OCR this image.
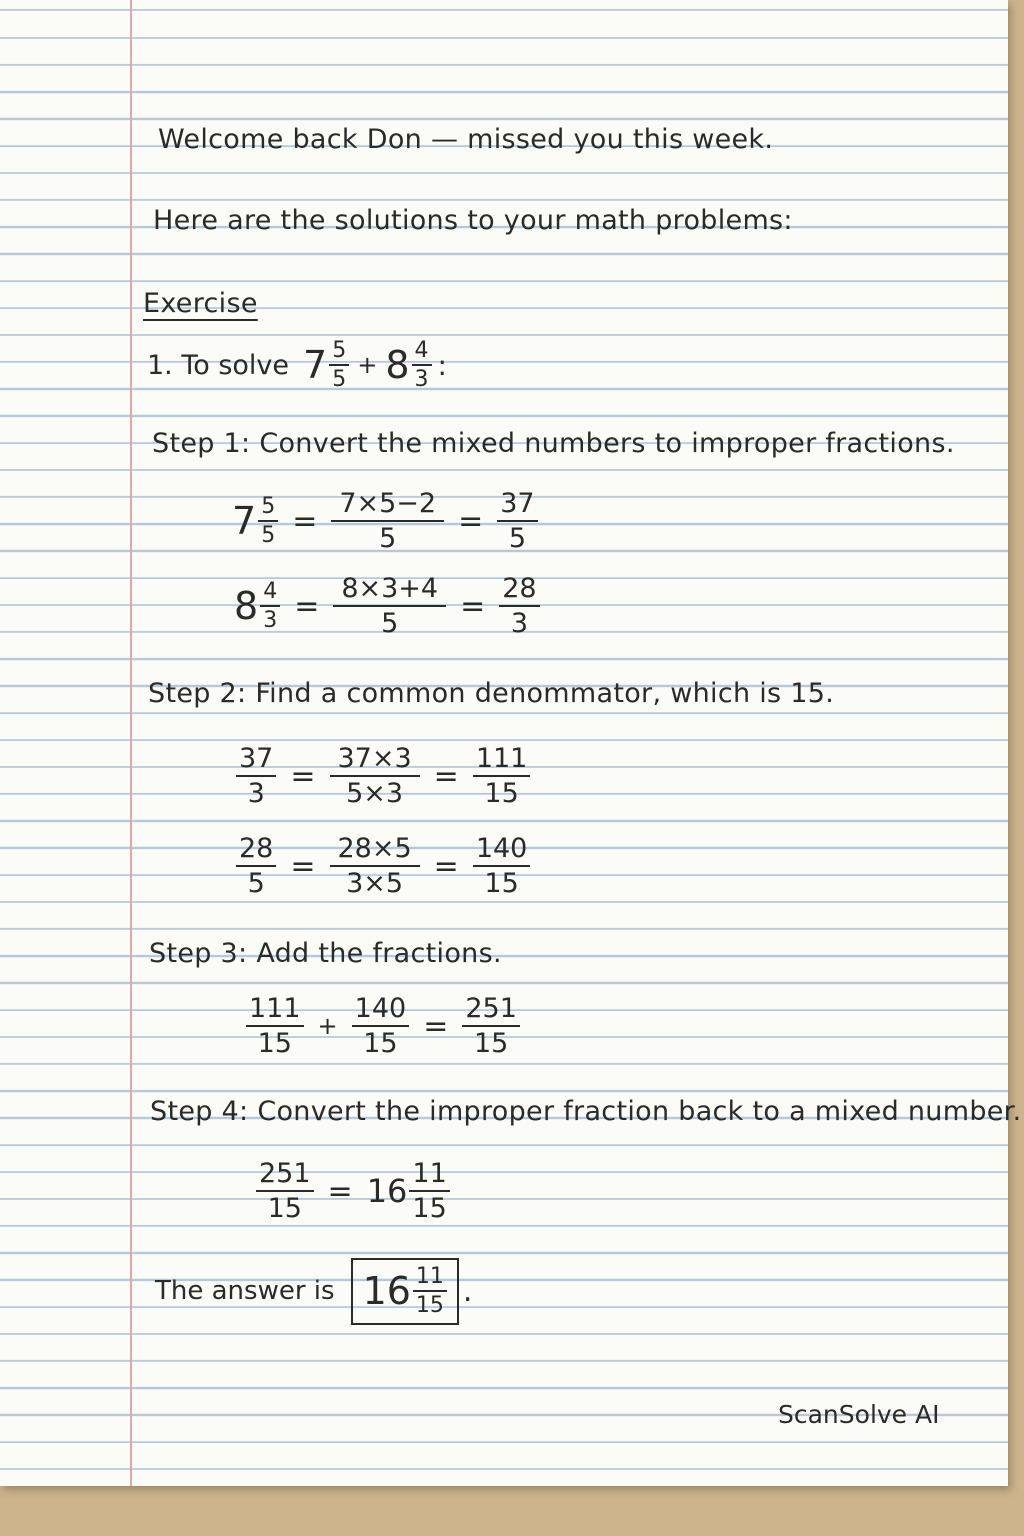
Welcome back Don — missed you this week.
Here are the solutions to your math problems:
Exercise
1. To solve $7 \frac{5}{5} + 8 \frac{4}{3}$ :
Step 1: Convert the mixed numbers to improper fractions.
$7 \frac{5}{5} = \frac{7\times 5-2}{5} = \frac{37}{5}$
$8 \frac{4}{3} = \frac{8\times 3+4}{5} = \frac{28}{3}$
Step 2: Find a common denommator, which is 15.
$\frac{37}{3} = \frac{37\times 3}{5\times 3} = \frac{111}{15}$
$\frac{28}{5} = \frac{28\times 5}{3\times 5} = \frac{140}{15}$
Step 3: Add the fractions.
$\frac{111}{15} + \frac{140}{15} = \frac{251}{15}$
Step 4: Convert the improper fraction back to a mixed number.
$\frac{251}{15} = 16 \frac{11}{15}$
The answer is $16 \frac{11}{15}$ .
ScanSolve AI
